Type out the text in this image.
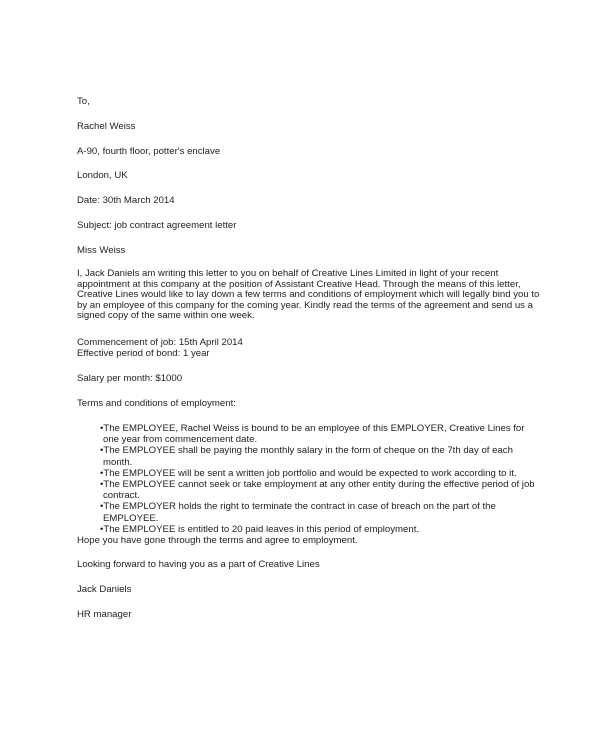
To,
Rachel Weiss
A-90, fourth floor, potter's enclave
London, UK
Date: 30th March 2014
Subject: job contract agreement letter
Miss Weiss
I, Jack Daniels am writing this letter to you on behalf of Creative Lines Limited in light of your recent
appointment at this company at the position of Assistant Creative Head. Through the means of this letter,
Creative Lines would like to lay down a few terms and conditions of employment which will legally bind you to
by an employee of this company for the coming year. Kindly read the terms of the agreement and send us a
signed copy of the same within one week.
Commencement of job: 15th April 2014
Effective period of bond: 1 year
Salary per month: $1000
Terms and conditions of employment:
•The EMPLOYEE, Rachel Weiss is bound to be an employee of this EMPLOYER, Creative Lines for
one year from commencement date.
•The EMPLOYEE shall be paying the monthly salary in the form of cheque on the 7th day of each
month.
•The EMPLOYEE will be sent a written job portfolio and would be expected to work according to it.
•The EMPLOYEE cannot seek or take employment at any other entity during the effective period of job
contract.
•The EMPLOYER holds the right to terminate the contract in case of breach on the part of the
EMPLOYEE.
•The EMPLOYEE is entitled to 20 paid leaves in this period of employment.
Hope you have gone through the terms and agree to employment.
Looking forward to having you as a part of Creative Lines
Jack Daniels
HR manager
